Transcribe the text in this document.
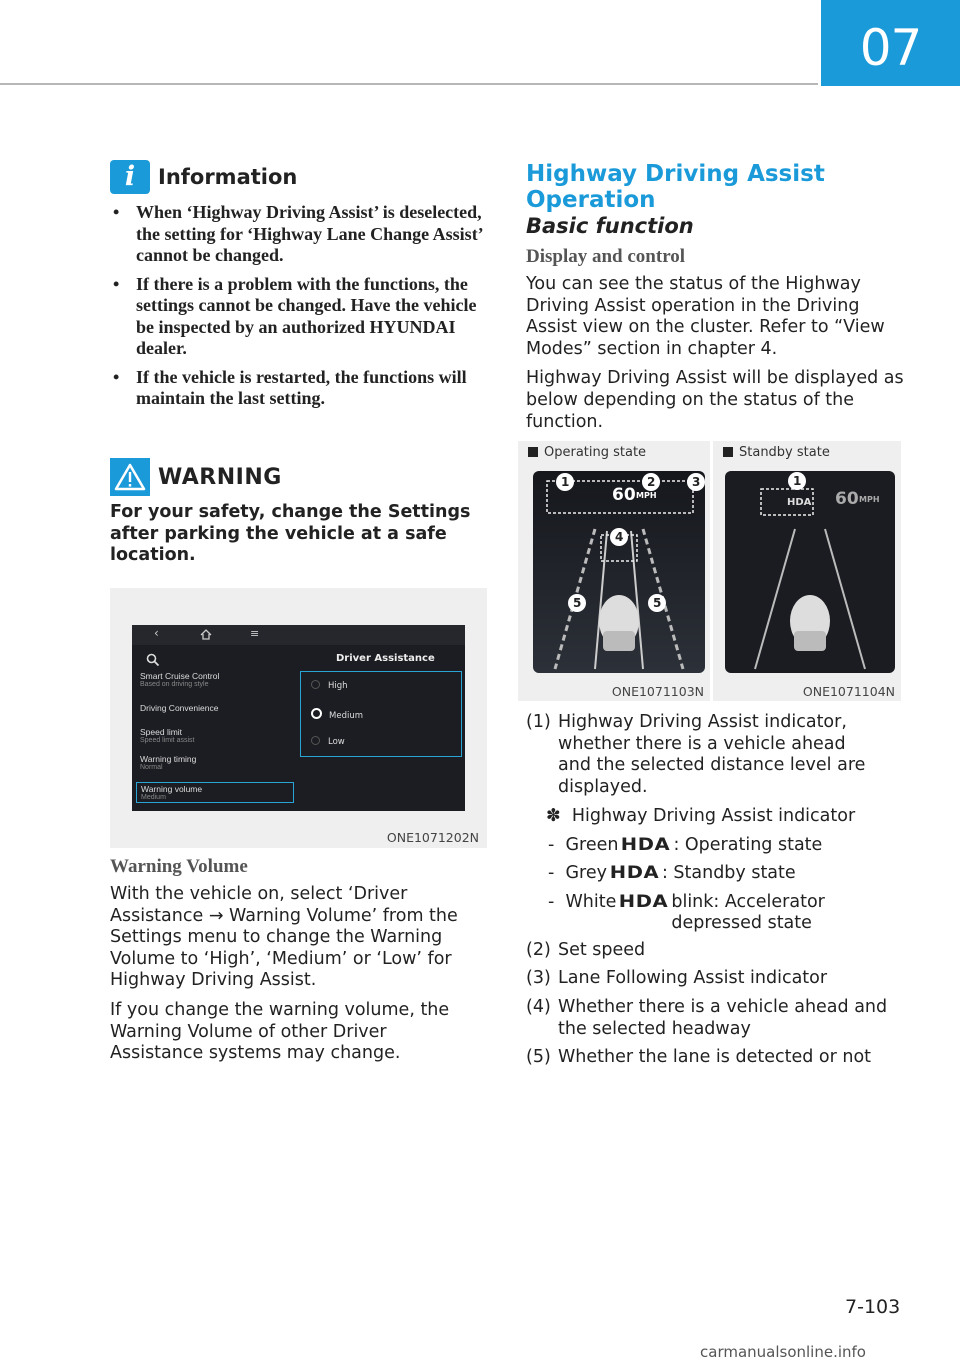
07
i	Information
• When ‘Highway Driving Assist’ is deselected, the setting for ‘Highway Lane Change Assist’ cannot be changed.
• If there is a problem with the functions, the settings cannot be changed. Have the vehicle be inspected by an authorized HYUNDAI dealer.
• If the vehicle is restarted, the functions will maintain the last setting.
WARNING
For your safety, change the Settings after parking the vehicle at a safe location.
‹	≡
Driver Assistance
Smart Cruise Control
Based on driving style
Driving Convenience
Speed limit
Speed limit assist
Warning timing
Normal
Warning volume
Medium
High
Medium
Low
ONE1071202N
Warning Volume

With the vehicle on, select ‘Driver Assistance → Warning Volume’ from the Settings menu to change the Warning Volume to ‘High’, ‘Medium’ or ‘Low’ for Highway Driving Assist.

If you change the warning volume, the Warning Volume of other Driver Assistance systems may change.

Highway Driving Assist Operation
Basic function
Display and control

You can see the status of the Highway Driving Assist operation in the Driving Assist view on the cluster. Refer to “View Modes” section in chapter 4.

Highway Driving Assist will be displayed as below depending on the status of the function.

Operating state
1	2	3
4
5	5
60 MPH
ONE1071103N
Standby state
1
HDA 60 MPH
ONE1071104N
(1) Highway Driving Assist indicator, whether there is a vehicle ahead and the selected distance level are displayed.
✽ Highway Driving Assist indicator
-  Green HDA : Operating state
-  Grey HDA : Standby state
-  White HDA blink: Accelerator depressed state
(2) Set speed
(3) Lane Following Assist indicator
(4) Whether there is a vehicle ahead and the selected headway
(5) Whether the lane is detected or not
7-103
carmanualsonline.info
